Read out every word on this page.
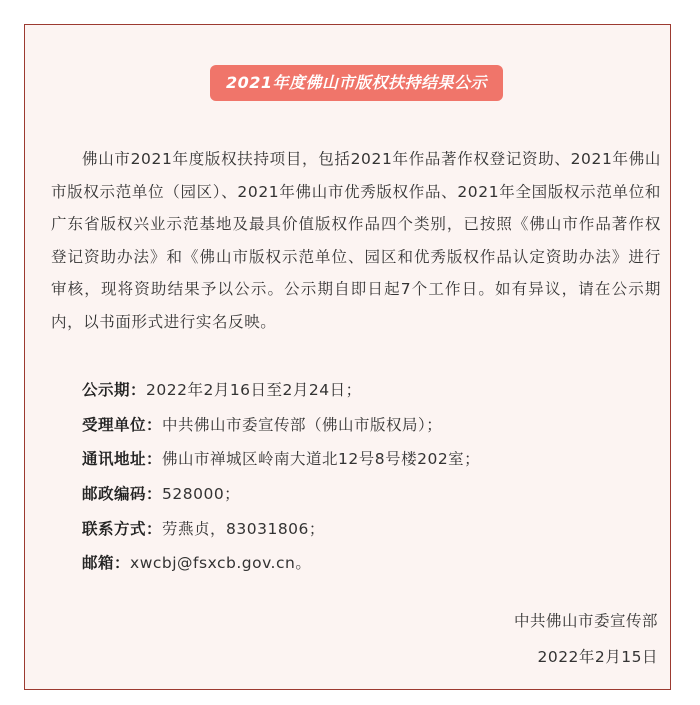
2021年度佛山市版权扶持结果公示
佛山市2021年度版权扶持项目，包括2021年作品著作权登记资助、2021年佛山市版权示范单位（园区）、2021年佛山市优秀版权作品、2021年全国版权示范单位和广东省版权兴业示范基地及最具价值版权作品四个类别，已按照《佛山市作品著作权登记资助办法》和《佛山市版权示范单位、园区和优秀版权作品认定资助办法》进行审核，现将资助结果予以公示。公示期自即日起7个工作日。如有异议，请在公示期内，以书面形式进行实名反映。
公示期：2022年2月16日至2月24日；
受理单位：中共佛山市委宣传部（佛山市版权局）；
通讯地址：佛山市禅城区岭南大道北12号8号楼202室；
邮政编码：528000；
联系方式：劳燕贞，83031806；
邮箱：xwcbj@fsxcb.gov.cn。
中共佛山市委宣传部
2022年2月15日
